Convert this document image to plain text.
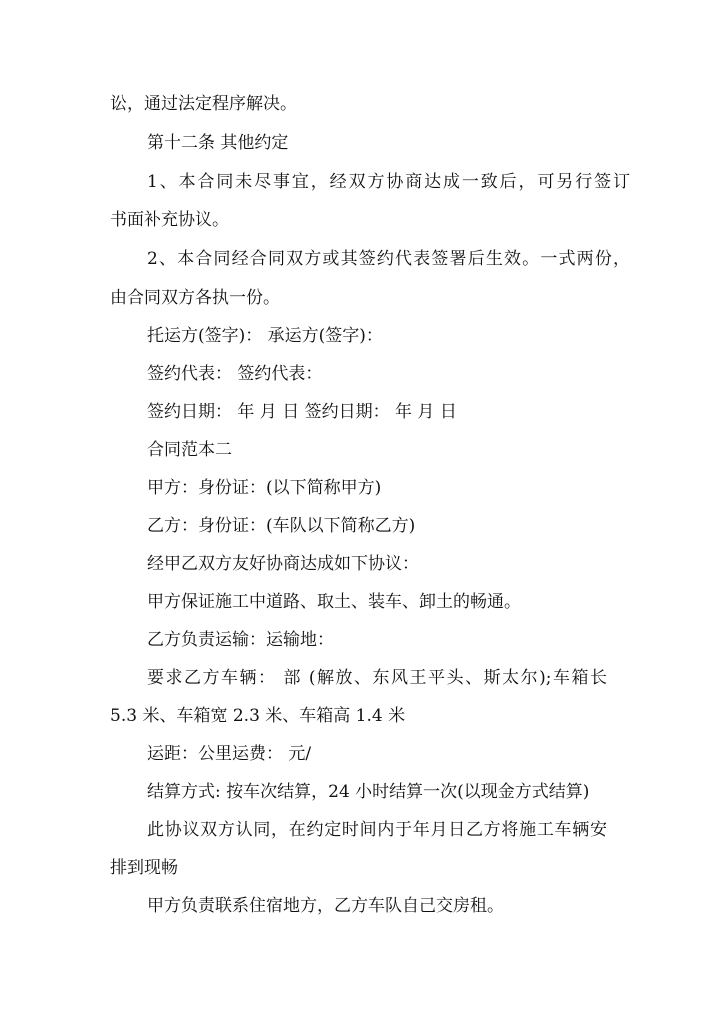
讼，通过法定程序解决。
第十二条 其他约定
1、本合同未尽事宜，经双方协商达成一致后，可另行签订
书面补充协议。
2、本合同经合同双方或其签约代表签署后生效。一式两份，
由合同双方各执一份。
托运方(签字)： 承运方(签字)：
签约代表： 签约代表：
签约日期： 年 月 日 签约日期： 年 月 日
合同范本二
甲方：身份证：(以下简称甲方)
乙方：身份证：(车队以下简称乙方)
经甲乙双方友好协商达成如下协议：
甲方保证施工中道路、取土、装车、卸土的畅通。
乙方负责运输：运输地：
要求乙方车辆： 部 (解放、东风王平头、斯太尔);车箱长
5.3 米、车箱宽 2.3 米、车箱高 1.4 米
运距：公里运费： 元/
结算方式: 按车次结算，24 小时结算一次(以现金方式结算)
此协议双方认同，在约定时间内于年月日乙方将施工车辆安
排到现畅
甲方负责联系住宿地方，乙方车队自己交房租。
